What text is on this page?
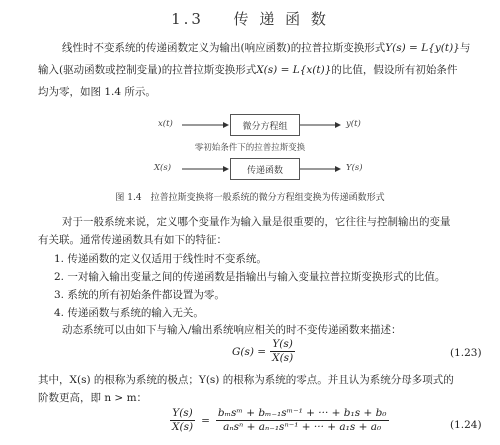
1.3 传 递 函 数
线性时不变系统的传递函数定义为输出(响应函数)的拉普拉斯变换形式Y(s) = L{y(t)}与
输入(驱动函数或控制变量)的拉普拉斯变换形式X(s) = L{x(t)}的比值，假设所有初始条件
均为零，如图 1.4 所示。
x(t)	微分方程组	y(t)
零初始条件下的拉普拉斯变换
X(s)	传递函数	Y(s)
图 1.4　拉普拉斯变换将一般系统的微分方程组变换为传递函数形式
对于一般系统来说，定义哪个变量作为输入量是很重要的，它往往与控制输出的变量
有关联。通常传递函数具有如下的特征：
1. 传递函数的定义仅适用于线性时不变系统。
2. 一对输入输出变量之间的传递函数是指输出与输入变量拉普拉斯变换形式的比值。
3. 系统的所有初始条件都设置为零。
4. 传递函数与系统的输入无关。
动态系统可以由如下与输入/输出系统响应相关的时不变传递函数来描述：
$G(s) = \frac{Y(s)}{X(s)}$	(1.23)
其中，X(s) 的根称为系统的极点；Y(s) 的根称为系统的零点。并且认为系统分母多项式的
阶数更高，即 n > m：
$\frac{Y(s)}{X(s)} = \frac{\text{bₘsᵐ + bₘ₋₁sᵐ⁻¹ + ··· + b₁s + b₀}}{\text{aₙsⁿ + aₙ₋₁sⁿ⁻¹ + ··· + a₁s + a₀}}$	(1.24)
